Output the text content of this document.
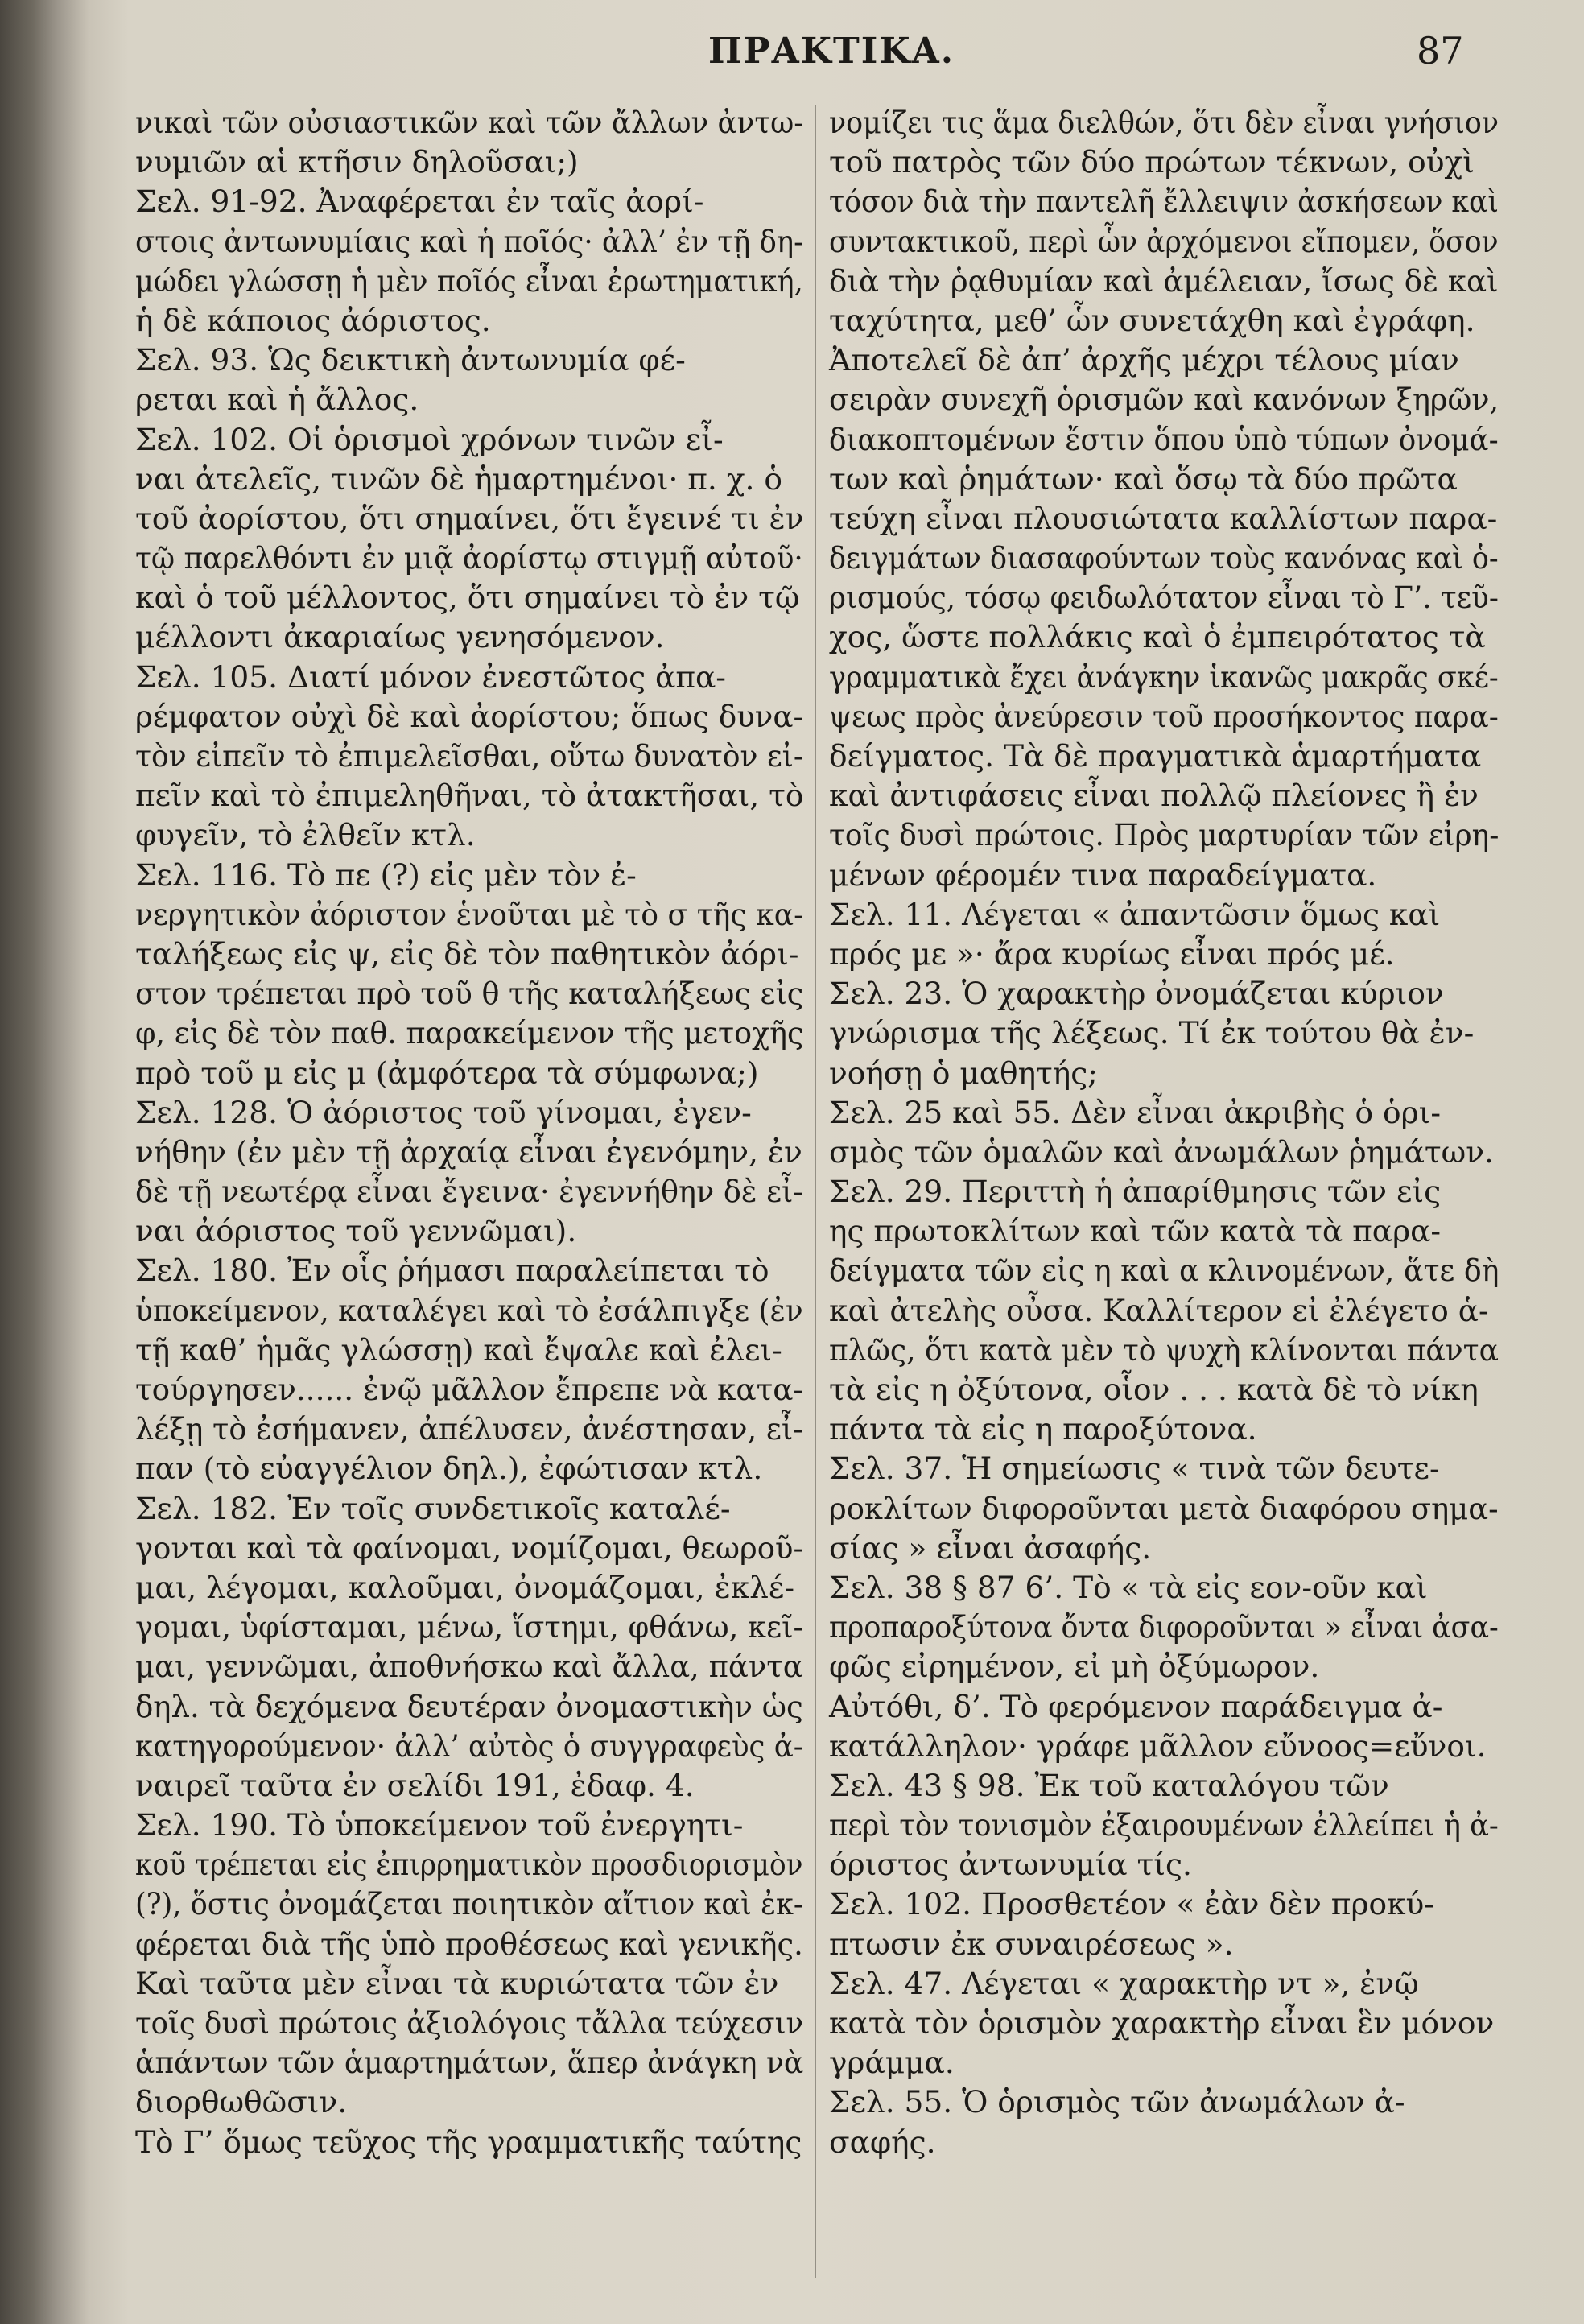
ΠΡΑΚΤΙΚΑ.	87
νικαὶ τῶν οὐσιαστικῶν καὶ τῶν ἄλλων ἀντω-
νυμιῶν αἱ κτῆσιν δηλοῦσαι;)
Σελ. 91-92. Ἀναφέρεται ἐν ταῖς ἀορί-
στοις ἀντωνυμίαις καὶ ἡ ποῖός· ἀλλ’ ἐν τῇ δη-
μώδει γλώσσῃ ἡ μὲν ποῖός εἶναι ἐρωτηματική,
ἡ δὲ κάποιος ἀόριστος.
Σελ. 93. Ὡς δεικτικὴ ἀντωνυμία φέ-
ρεται καὶ ἡ ἄλλος.
Σελ. 102. Οἱ ὁρισμοὶ χρόνων τινῶν εἶ-
ναι ἀτελεῖς, τινῶν δὲ ἡμαρτημένοι· π. χ. ὁ
τοῦ ἀορίστου, ὅτι σημαίνει, ὅτι ἔγεινέ τι ἐν
τῷ παρελθόντι ἐν μιᾷ ἀορίστῳ στιγμῇ αὐτοῦ·
καὶ ὁ τοῦ μέλλοντος, ὅτι σημαίνει τὸ ἐν τῷ
μέλλοντι ἀκαριαίως γενησόμενον.
Σελ. 105. Διατί μόνον ἐνεστῶτος ἀπα-
ρέμφατον οὐχὶ δὲ καὶ ἀορίστου; ὅπως δυνα-
τὸν εἰπεῖν τὸ ἐπιμελεῖσθαι, οὕτω δυνατὸν εἰ-
πεῖν καὶ τὸ ἐπιμεληθῆναι, τὸ ἀτακτῆσαι, τὸ
φυγεῖν, τὸ ἐλθεῖν κτλ.
Σελ. 116. Τὸ πε (?) εἰς μὲν τὸν ἐ-
νεργητικὸν ἀόριστον ἑνοῦται μὲ τὸ σ τῆς κα-
ταλήξεως εἰς ψ, εἰς δὲ τὸν παθητικὸν ἀόρι-
στον τρέπεται πρὸ τοῦ θ τῆς καταλήξεως εἰς
φ, εἰς δὲ τὸν παθ. παρακείμενον τῆς μετοχῆς
πρὸ τοῦ μ εἰς μ (ἀμφότερα τὰ σύμφωνα;)
Σελ. 128. Ὁ ἀόριστος τοῦ γίνομαι, ἐγεν-
νήθην (ἐν μὲν τῇ ἀρχαίᾳ εἶναι ἐγενόμην, ἐν
δὲ τῇ νεωτέρᾳ εἶναι ἔγεινα· ἐγεννήθην δὲ εἶ-
ναι ἀόριστος τοῦ γεννῶμαι).
Σελ. 180. Ἐν οἷς ῥήμασι παραλείπεται τὸ
ὑποκείμενον, καταλέγει καὶ τὸ ἐσάλπιγξε (ἐν
τῇ καθ’ ἡμᾶς γλώσσῃ) καὶ ἔψαλε καὶ ἐλει-
τούργησεν...... ἐνῷ μᾶλλον ἔπρεπε νὰ κατα-
λέξῃ τὸ ἐσήμανεν, ἀπέλυσεν, ἀνέστησαν, εἶ-
παν (τὸ εὐαγγέλιον δηλ.), ἐφώτισαν κτλ.
Σελ. 182. Ἐν τοῖς συνδετικοῖς καταλέ-
γονται καὶ τὰ φαίνομαι, νομίζομαι, θεωροῦ-
μαι, λέγομαι, καλοῦμαι, ὀνομάζομαι, ἐκλέ-
γομαι, ὑφίσταμαι, μένω, ἵστημι, φθάνω, κεῖ-
μαι, γεννῶμαι, ἀποθνήσκω καὶ ἄλλα, πάντα
δηλ. τὰ δεχόμενα δευτέραν ὀνομαστικὴν ὡς
κατηγορούμενον· ἀλλ’ αὐτὸς ὁ συγγραφεὺς ἀ-
ναιρεῖ ταῦτα ἐν σελίδι 191, ἐδαφ. 4.
Σελ. 190. Τὸ ὑποκείμενον τοῦ ἐνεργητι-
κοῦ τρέπεται εἰς ἐπιρρηματικὸν προσδιορισμὸν
(?), ὅστις ὀνομάζεται ποιητικὸν αἴτιον καὶ ἐκ-
φέρεται διὰ τῆς ὑπὸ προθέσεως καὶ γενικῆς.
Καὶ ταῦτα μὲν εἶναι τὰ κυριώτατα τῶν ἐν
τοῖς δυσὶ πρώτοις ἀξιολόγοις τἄλλα τεύχεσιν
ἁπάντων τῶν ἁμαρτημάτων, ἅπερ ἀνάγκη νὰ
διορθωθῶσιν.
Τὸ Γ’ ὅμως τεῦχος τῆς γραμματικῆς ταύτης
νομίζει τις ἅμα διελθών, ὅτι δὲν εἶναι γνήσιον
τοῦ πατρὸς τῶν δύο πρώτων τέκνων, οὐχὶ
τόσον διὰ τὴν παντελῆ ἔλλειψιν ἀσκήσεων καὶ
συντακτικοῦ, περὶ ὧν ἀρχόμενοι εἴπομεν, ὅσον
διὰ τὴν ῥᾳθυμίαν καὶ ἀμέλειαν, ἴσως δὲ καὶ
ταχύτητα, μεθ’ ὧν συνετάχθη καὶ ἐγράφη.
Ἀποτελεῖ δὲ ἀπ’ ἀρχῆς μέχρι τέλους μίαν
σειρὰν συνεχῆ ὁρισμῶν καὶ κανόνων ξηρῶν,
διακοπτομένων ἔστιν ὅπου ὑπὸ τύπων ὀνομά-
των καὶ ῥημάτων· καὶ ὅσῳ τὰ δύο πρῶτα
τεύχη εἶναι πλουσιώτατα καλλίστων παρα-
δειγμάτων διασαφούντων τοὺς κανόνας καὶ ὁ-
ρισμούς, τόσῳ φειδωλότατον εἶναι τὸ Γ’. τεῦ-
χος, ὥστε πολλάκις καὶ ὁ ἐμπειρότατος τὰ
γραμματικὰ ἔχει ἀνάγκην ἱκανῶς μακρᾶς σκέ-
ψεως πρὸς ἀνεύρεσιν τοῦ προσήκοντος παρα-
δείγματος. Τὰ δὲ πραγματικὰ ἁμαρτήματα
καὶ ἀντιφάσεις εἶναι πολλῷ πλείονες ἢ ἐν
τοῖς δυσὶ πρώτοις. Πρὸς μαρτυρίαν τῶν εἰρη-
μένων φέρομέν τινα παραδείγματα.
Σελ. 11. Λέγεται « ἀπαντῶσιν ὅμως καὶ
πρός με »· ἄρα κυρίως εἶναι πρός μέ.
Σελ. 23. Ὁ χαρακτὴρ ὀνομάζεται κύριον
γνώρισμα τῆς λέξεως. Τί ἐκ τούτου θὰ ἐν-
νοήσῃ ὁ μαθητής;
Σελ. 25 καὶ 55. Δὲν εἶναι ἀκριβὴς ὁ ὁρι-
σμὸς τῶν ὁμαλῶν καὶ ἀνωμάλων ῥημάτων.
Σελ. 29. Περιττὴ ἡ ἀπαρίθμησις τῶν εἰς
ης πρωτοκλίτων καὶ τῶν κατὰ τὰ παρα-
δείγματα τῶν εἰς η καὶ α κλινομένων, ἅτε δὴ
καὶ ἀτελὴς οὖσα. Καλλίτερον εἰ ἐλέγετο ἁ-
πλῶς, ὅτι κατὰ μὲν τὸ ψυχὴ κλίνονται πάντα
τὰ εἰς η ὀξύτονα, οἷον . . . κατὰ δὲ τὸ νίκη
πάντα τὰ εἰς η παροξύτονα.
Σελ. 37. Ἡ σημείωσις « τινὰ τῶν δευτε-
ροκλίτων διφοροῦνται μετὰ διαφόρου σημα-
σίας » εἶναι ἀσαφής.
Σελ. 38 § 87 6’. Τὸ « τὰ εἰς εον-οῦν καὶ
προπαροξύτονα ὄντα διφοροῦνται » εἶναι ἀσα-
φῶς εἰρημένον, εἰ μὴ ὀξύμωρον.
Αὐτόθι, δ’. Τὸ φερόμενον παράδειγμα ἀ-
κατάλληλον· γράφε μᾶλλον εὔνοος=εὔνοι.
Σελ. 43 § 98. Ἐκ τοῦ καταλόγου τῶν
περὶ τὸν τονισμὸν ἐξαιρουμένων ἐλλείπει ἡ ἀ-
όριστος ἀντωνυμία τίς.
Σελ. 102. Προσθετέον « ἐὰν δὲν προκύ-
πτωσιν ἐκ συναιρέσεως ».
Σελ. 47. Λέγεται « χαρακτὴρ ντ », ἐνῷ
κατὰ τὸν ὁρισμὸν χαρακτὴρ εἶναι ἓν μόνον
γράμμα.
Σελ. 55. Ὁ ὁρισμὸς τῶν ἀνωμάλων ἀ-
σαφής.
